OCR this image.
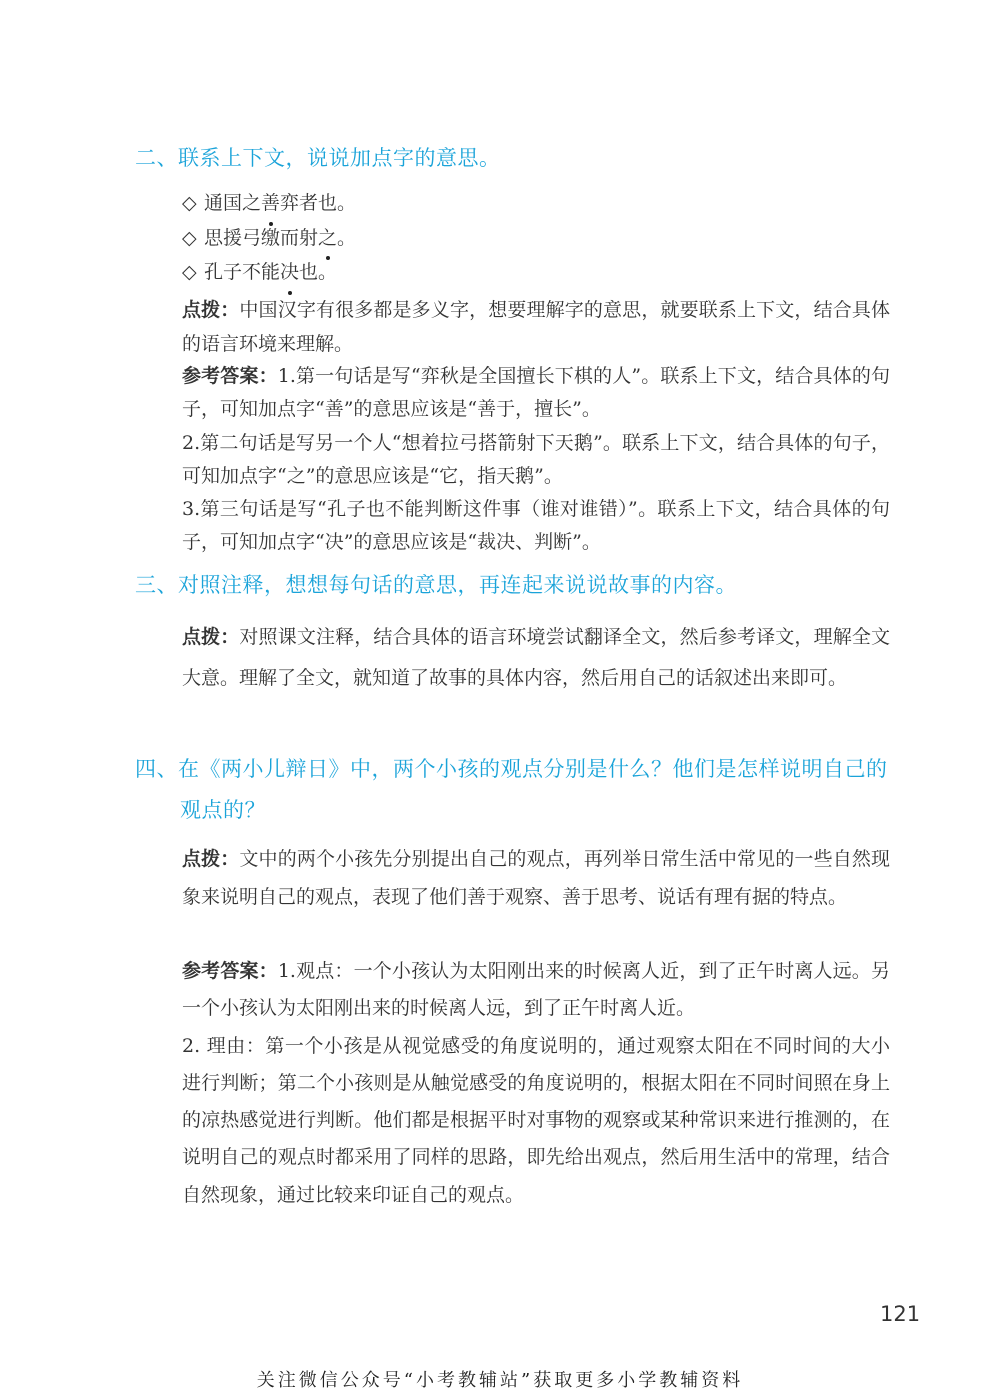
二、联系上下文，说说加点字的意思。
◇ 通国之善弈者也。
◇ 思援弓缴而射之。
◇ 孔子不能决也。
点拨：中国汉字有很多都是多义字，想要理解字的意思，就要联系上下文，结合具体的语言环境来理解。
参考答案：1.第一句话是写“弈秋是全国擅长下棋的人”。联系上下文，结合具体的句子，可知加点字“善”的意思应该是“善于，擅长”。
2.第二句话是写另一个人“想着拉弓搭箭射下天鹅”。联系上下文，结合具体的句子，可知加点字“之”的意思应该是“它，指天鹅”。
3.第三句话是写“孔子也不能判断这件事（谁对谁错）”。联系上下文，结合具体的句子，可知加点字“决”的意思应该是“裁决、判断”。
三、对照注释，想想每句话的意思，再连起来说说故事的内容。
点拨：对照课文注释，结合具体的语言环境尝试翻译全文，然后参考译文，理解全文大意。理解了全文，就知道了故事的具体内容，然后用自己的话叙述出来即可。
四、在《两小儿辩日》中，两个小孩的观点分别是什么？他们是怎样说明自己的观点的？
点拨：文中的两个小孩先分别提出自己的观点，再列举日常生活中常见的一些自然现象来说明自己的观点，表现了他们善于观察、善于思考、说话有理有据的特点。
参考答案：1.观点：一个小孩认为太阳刚出来的时候离人近，到了正午时离人远。另一个小孩认为太阳刚出来的时候离人远，到了正午时离人近。
2. 理由：第一个小孩是从视觉感受的角度说明的，通过观察太阳在不同时间的大小进行判断；第二个小孩则是从触觉感受的角度说明的，根据太阳在不同时间照在身上的凉热感觉进行判断。他们都是根据平时对事物的观察或某种常识来进行推测的，在说明自己的观点时都采用了同样的思路，即先给出观点，然后用生活中的常理，结合自然现象，通过比较来印证自己的观点。
121
关注微信公众号“小考教辅站”获取更多小学教辅资料
